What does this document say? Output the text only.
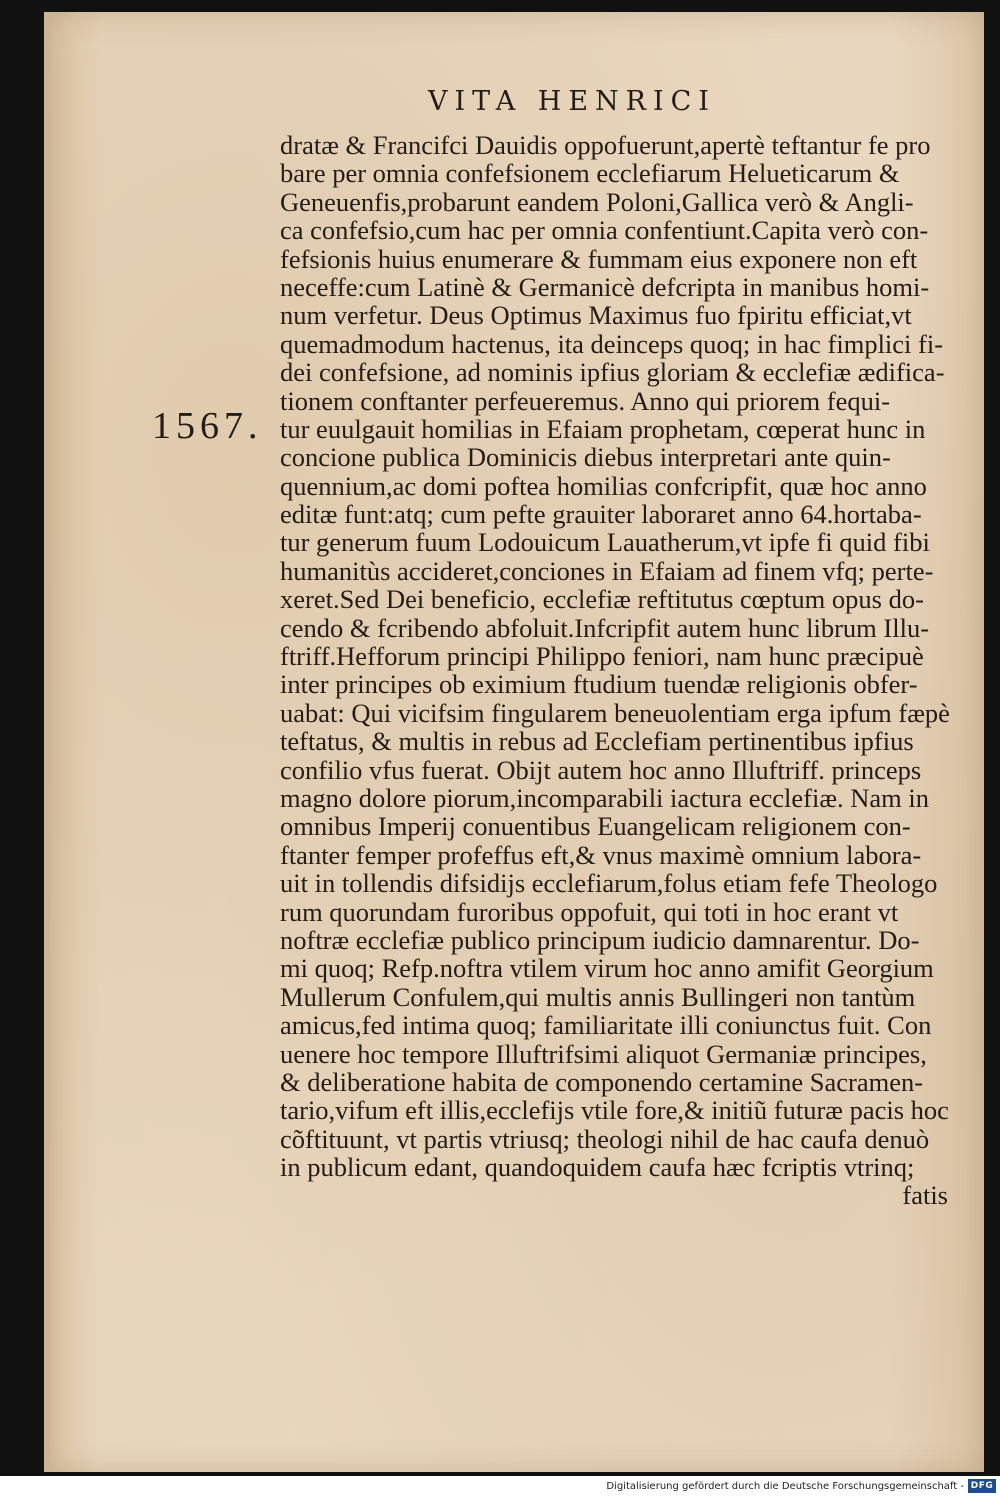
VITA HENRICI
1567.
dratæ & Francifci Dauidis oppofuerunt,apertè teftantur fe pro
bare per omnia confefsionem ecclefiarum Helueticarum &
Geneuenfis,probarunt eandem Poloni,Gallica verò & Angli-
ca confefsio,cum hac per omnia confentiunt.Capita verò con-
fefsionis huius enumerare & fummam eius exponere non eft
neceffe:cum Latinè & Germanicè defcripta in manibus homi-
num verfetur. Deus Optimus Maximus fuo fpiritu efficiat,vt
quemadmodum hactenus, ita deinceps quoq; in hac fimplici fi-
dei confefsione, ad nominis ipfius gloriam & ecclefiæ ædifica-
tionem conftanter perfeueremus. Anno qui priorem fequi-
tur euulgauit homilias in Efaiam prophetam, cœperat hunc in
concione publica Dominicis diebus interpretari ante quin-
quennium,ac domi poftea homilias confcripfit, quæ hoc anno
editæ funt:atq; cum pefte grauiter laboraret anno 64.hortaba-
tur generum fuum Lodouicum Lauatherum,vt ipfe fi quid fibi
humanitùs accideret,conciones in Efaiam ad finem vfq; perte-
xeret.Sed Dei beneficio, ecclefiæ reftitutus cœptum opus do-
cendo & fcribendo abfoluit.Infcripfit autem hunc librum Illu-
ftriff.Hefforum principi Philippo feniori, nam hunc præcipuè
inter principes ob eximium ftudium tuendæ religionis obfer-
uabat: Qui vicifsim fingularem beneuolentiam erga ipfum fæpè
teftatus, & multis in rebus ad Ecclefiam pertinentibus ipfius
confilio vfus fuerat. Obijt autem hoc anno Illuftriff. princeps
magno dolore piorum,incomparabili iactura ecclefiæ. Nam in
omnibus Imperij conuentibus Euangelicam religionem con-
ftanter femper profeffus eft,& vnus maximè omnium labora-
uit in tollendis difsidijs ecclefiarum,folus etiam fefe Theologo
rum quorundam furoribus oppofuit, qui toti in hoc erant vt
noftræ ecclefiæ publico principum iudicio damnarentur. Do-
mi quoq; Refp.noftra vtilem virum hoc anno amifit Georgium
Mullerum Confulem,qui multis annis Bullingeri non tantùm
amicus,fed intima quoq; familiaritate illi coniunctus fuit. Con
uenere hoc tempore Illuftrifsimi aliquot Germaniæ principes,
& deliberatione habita de componendo certamine Sacramen-
tario,vifum eft illis,ecclefijs vtile fore,& initiũ futuræ pacis hoc
cõftituunt, vt partis vtriusq; theologi nihil de hac caufa denuò
in publicum edant, quandoquidem caufa hæc fcriptis vtrinq;
fatis
Digitalisierung gefördert durch die Deutsche Forschungsgemeinschaft - DFG
